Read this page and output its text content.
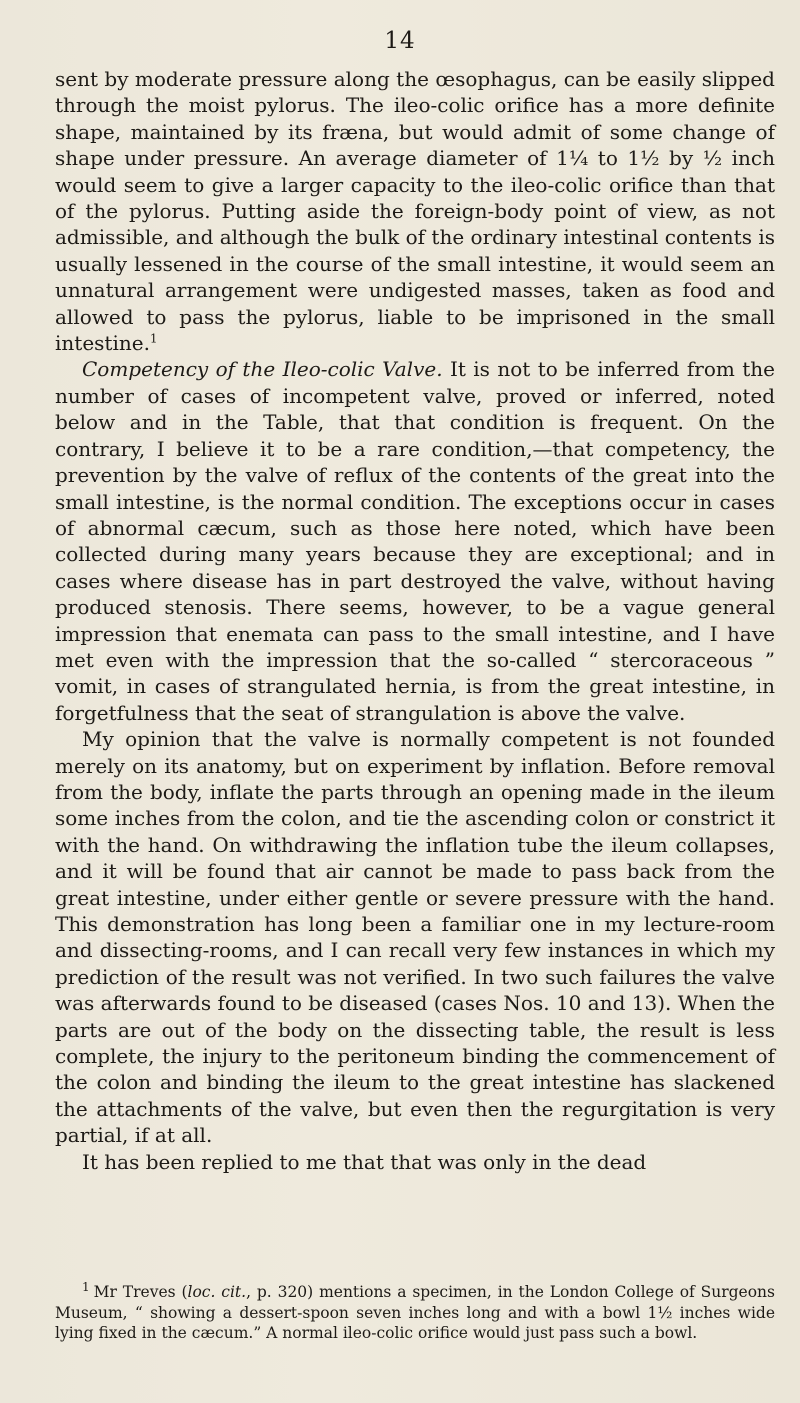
14

sent by moderate pressure along the œsophagus, can be easily slipped through the moist pylorus. The ileo-colic orifice has a more definite shape, maintained by its fræna, but would admit of some change of shape under pressure. An average diameter of 1¼ to 1½ by ½ inch would seem to give a larger capacity to the ileo-colic orifice than that of the pylorus. Putting aside the foreign-body point of view, as not admissible, and although the bulk of the ordinary intestinal contents is usually lessened in the course of the small intestine, it would seem an unnatural arrangement were undigested masses, taken as food and allowed to pass the pylorus, liable to be imprisoned in the small intestine.$^1$

Competency of the Ileo-colic Valve. It is not to be inferred from the number of cases of incompetent valve, proved or inferred, noted below and in the Table, that that condition is frequent. On the contrary, I believe it to be a rare condition,—that competency, the prevention by the valve of reflux of the contents of the great into the small intestine, is the normal condition. The exceptions occur in cases of abnormal cæcum, such as those here noted, which have been collected during many years because they are exceptional; and in cases where disease has in part destroyed the valve, without having produced stenosis. There seems, however, to be a vague general impression that enemata can pass to the small intestine, and I have met even with the impression that the so-called “ stercoraceous ” vomit, in cases of strangulated hernia, is from the great intestine, in forgetfulness that the seat of strangulation is above the valve.

My opinion that the valve is normally competent is not founded merely on its anatomy, but on experiment by inflation. Before removal from the body, inflate the parts through an opening made in the ileum some inches from the colon, and tie the ascending colon or constrict it with the hand. On withdrawing the inflation tube the ileum collapses, and it will be found that air cannot be made to pass back from the great intestine, under either gentle or severe pressure with the hand. This demonstration has long been a familiar one in my lecture-room and dissecting-rooms, and I can recall very few instances in which my prediction of the result was not verified. In two such failures the valve was afterwards found to be diseased (cases Nos. 10 and 13). When the parts are out of the body on the dissecting table, the result is less complete, the injury to the peritoneum binding the commencement of the colon and binding the ileum to the great intestine has slackened the attachments of the valve, but even then the regurgitation is very partial, if at all.

It has been replied to me that that was only in the dead

$^1$ Mr Treves (loc. cit., p. 320) mentions a specimen, in the London College of Surgeons Museum, “ showing a dessert-spoon seven inches long and with a bowl 1½ inches wide lying fixed in the cæcum.” A normal ileo-colic orifice would just pass such a bowl.
